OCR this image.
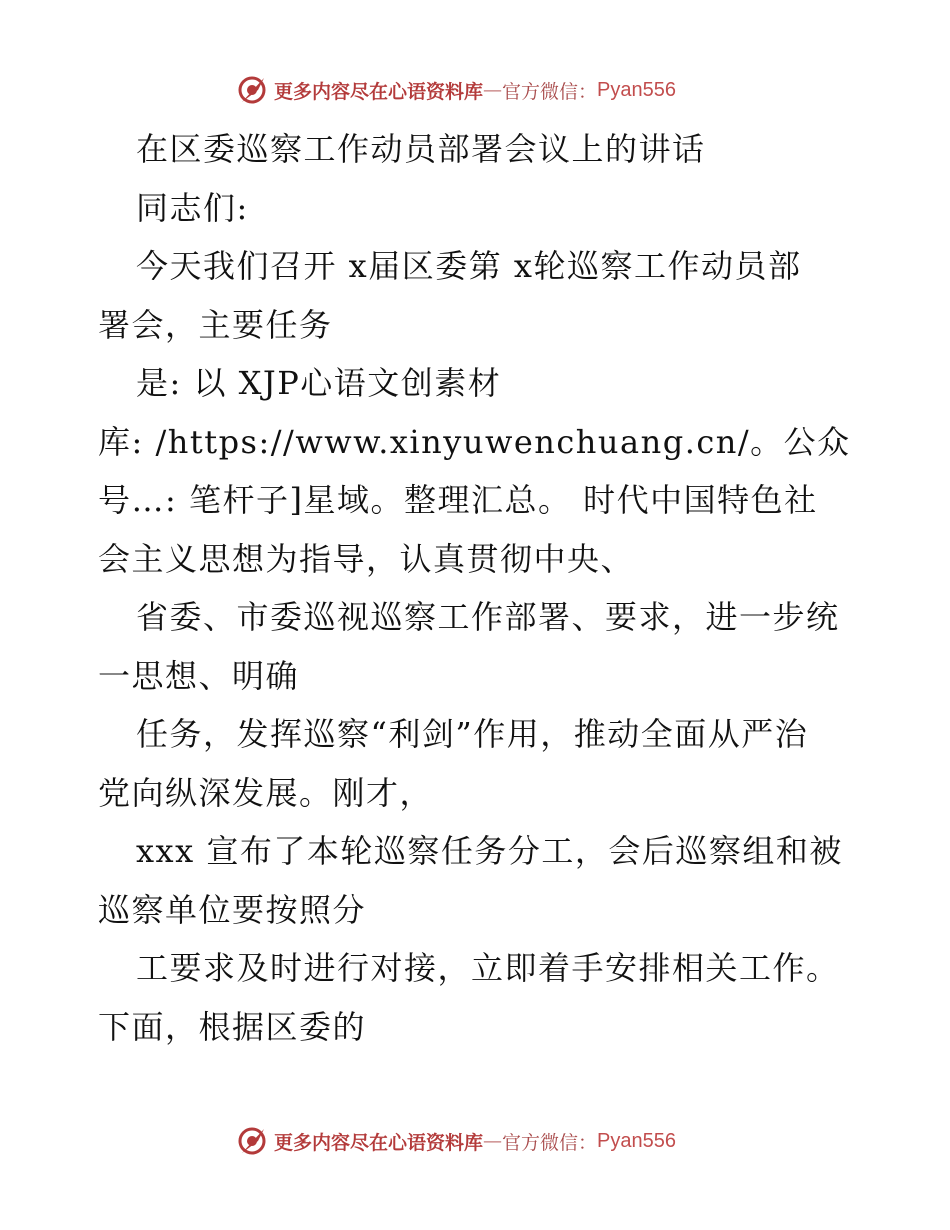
更多内容尽在心语资料库 — 官方微信： Pyan556
在区委巡察工作动员部署会议上的讲话
同志们:
今天我们召开 x届区委第 x轮巡察工作动员部
署会，主要任务
是: 以 XJP心语文创素材
库: /https://www.xinyuwenchuang.cn/。公众
号…: 笔杆子]星域。整理汇总。 时代中国特色社
会主义思想为指导，认真贯彻中央、
省委、市委巡视巡察工作部署、要求，进一步统
一思想、明确
任务，发挥巡察“利剑”作用，推动全面从严治
党向纵深发展。刚才，
xxx 宣布了本轮巡察任务分工，会后巡察组和被
巡察单位要按照分
工要求及时进行对接，立即着手安排相关工作。
下面，根据区委的
更多内容尽在心语资料库 — 官方微信： Pyan556
